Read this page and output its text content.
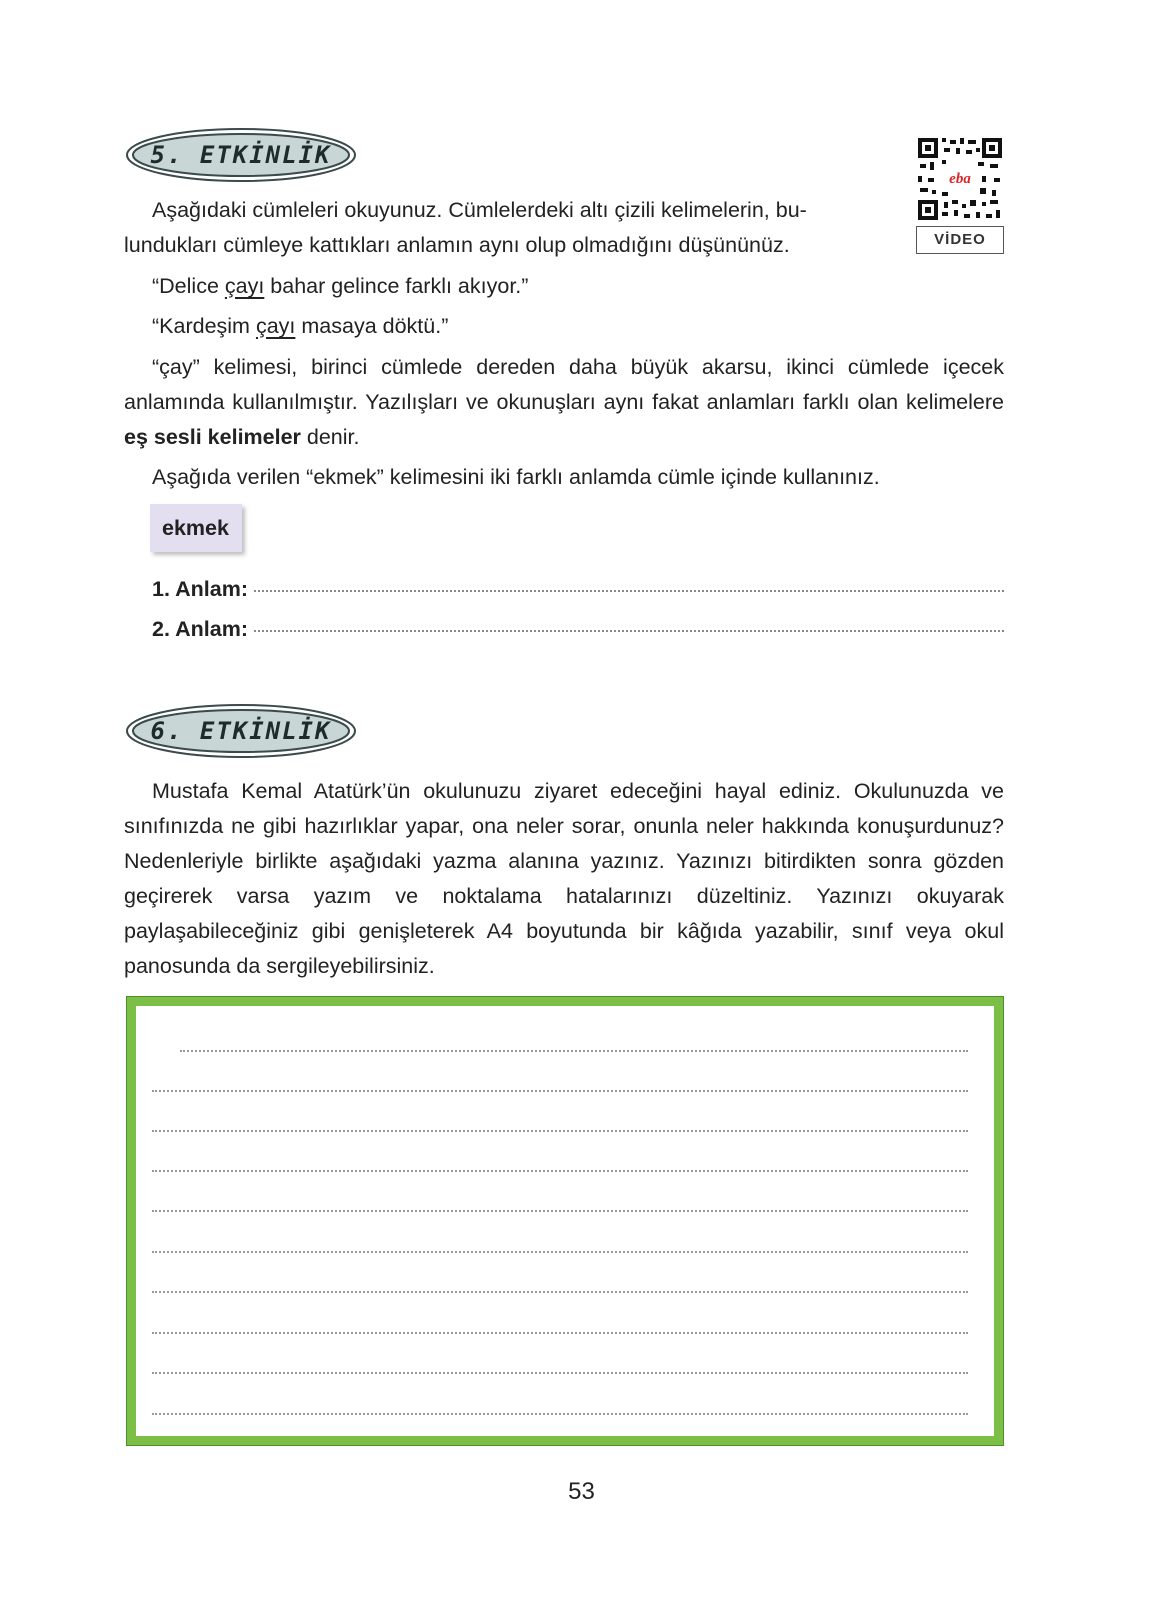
5. ETKİNLİK
eba
VİDEO

Aşağıdaki cümleleri okuyunuz. Cümlelerdeki altı çizili kelimelerin, bu-

lundukları cümleye kattıkları anlamın aynı olup olmadığını düşününüz.

“Delice çayı bahar gelince farklı akıyor.”

“Kardeşim çayı masaya döktü.”

“çay” kelimesi, birinci cümlede dereden daha büyük akarsu, ikinci cümlede içecek anlamında kullanılmıştır. Yazılışları ve okunuşları aynı fakat anlamları farklı olan kelimelere eş sesli kelimeler denir.

Aşağıda verilen “ekmek” kelimesini iki farklı anlamda cümle içinde kullanınız.

ekmek
1. Anlam:
2. Anlam:
6. ETKİNLİK

Mustafa Kemal Atatürk’ün okulunuzu ziyaret edeceğini hayal ediniz. Okulunuzda ve sınıfınızda ne gibi hazırlıklar yapar, ona neler sorar, onunla neler hakkında konuşurdunuz? Nedenleriyle birlikte aşağıdaki yazma alanına yazınız. Yazınızı bitirdikten sonra gözden geçirerek varsa yazım ve noktalama hatalarınızı düzeltiniz. Yazınızı okuyarak paylaşabileceğiniz gibi genişleterek A4 boyutunda bir kâğıda yazabilir, sınıf veya okul panosunda da sergileyebilirsiniz.

53
